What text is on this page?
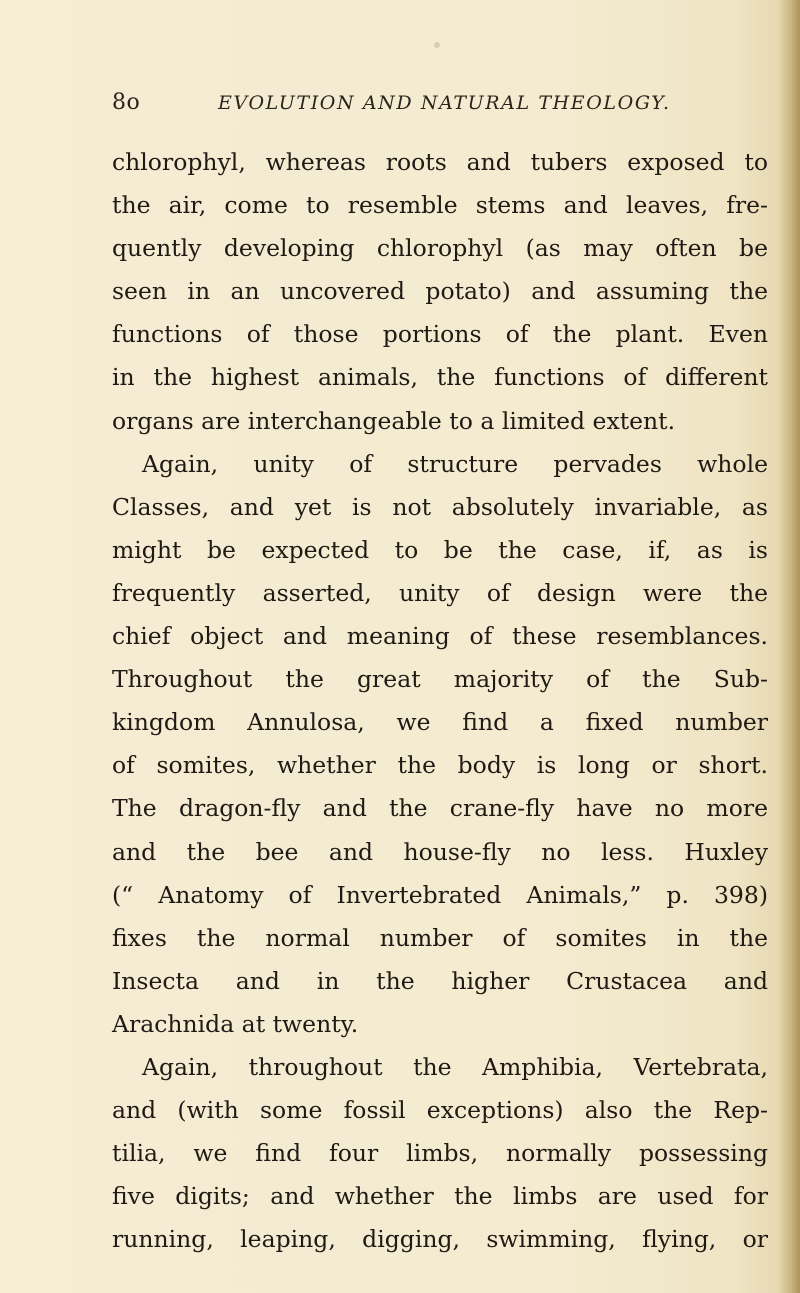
8o	EVOLUTION AND NATURAL THEOLOGY.
chlorophyl, whereas roots and tubers exposed to
the air, come to resemble stems and leaves, fre-
quently developing chlorophyl (as may often be
seen in an uncovered potato) and assuming the
functions of those portions of the plant. Even
in the highest animals, the functions of different
organs are interchangeable to a limited extent.
Again, unity of structure pervades whole
Classes, and yet is not absolutely invariable, as
might be expected to be the case, if, as is
frequently asserted, unity of design were the
chief object and meaning of these resemblances.
Throughout the great majority of the Sub-
kingdom Annulosa, we find a fixed number
of somites, whether the body is long or short.
The dragon-fly and the crane-fly have no more
and the bee and house-fly no less. Huxley
(“ Anatomy of Invertebrated Animals,” p. 398)
fixes the normal number of somites in the
Insecta and in the higher Crustacea and
Arachnida at twenty.
Again, throughout the Amphibia, Vertebrata,
and (with some fossil exceptions) also the Rep-
tilia, we find four limbs, normally possessing
five digits; and whether the limbs are used for
running, leaping, digging, swimming, flying, or
